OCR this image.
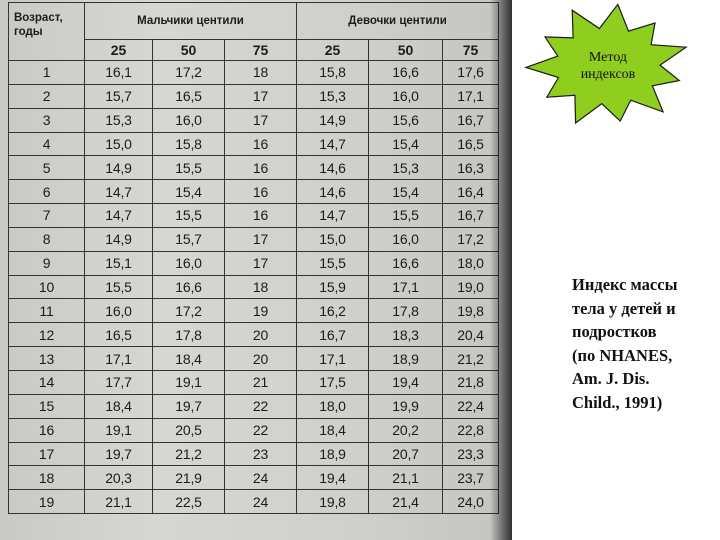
Возраст, годы	Мальчики центили			Девочки центили		
	25	50	75	25	50	75
1	16,1	17,2	18	15,8	16,6	17,6
2	15,7	16,5	17	15,3	16,0	17,1
3	15,3	16,0	17	14,9	15,6	16,7
4	15,0	15,8	16	14,7	15,4	16,5
5	14,9	15,5	16	14,6	15,3	16,3
6	14,7	15,4	16	14,6	15,4	16,4
7	14,7	15,5	16	14,7	15,5	16,7
8	14,9	15,7	17	15,0	16,0	17,2
9	15,1	16,0	17	15,5	16,6	18,0
10	15,5	16,6	18	15,9	17,1	19,0
11	16,0	17,2	19	16,2	17,8	19,8
12	16,5	17,8	20	16,7	18,3	20,4
13	17,1	18,4	20	17,1	18,9	21,2
14	17,7	19,1	21	17,5	19,4	21,8
15	18,4	19,7	22	18,0	19,9	22,4
16	19,1	20,5	22	18,4	20,2	22,8
17	19,7	21,2	23	18,9	20,7	23,3
18	20,3	21,9	24	19,4	21,1	23,7
19	21,1	22,5	24	19,8	21,4	24,0
Метод
индексов
Индекс массы
тела у детей и
подростков
(по NHANES,
Am. J. Dis.
Child., 1991)
